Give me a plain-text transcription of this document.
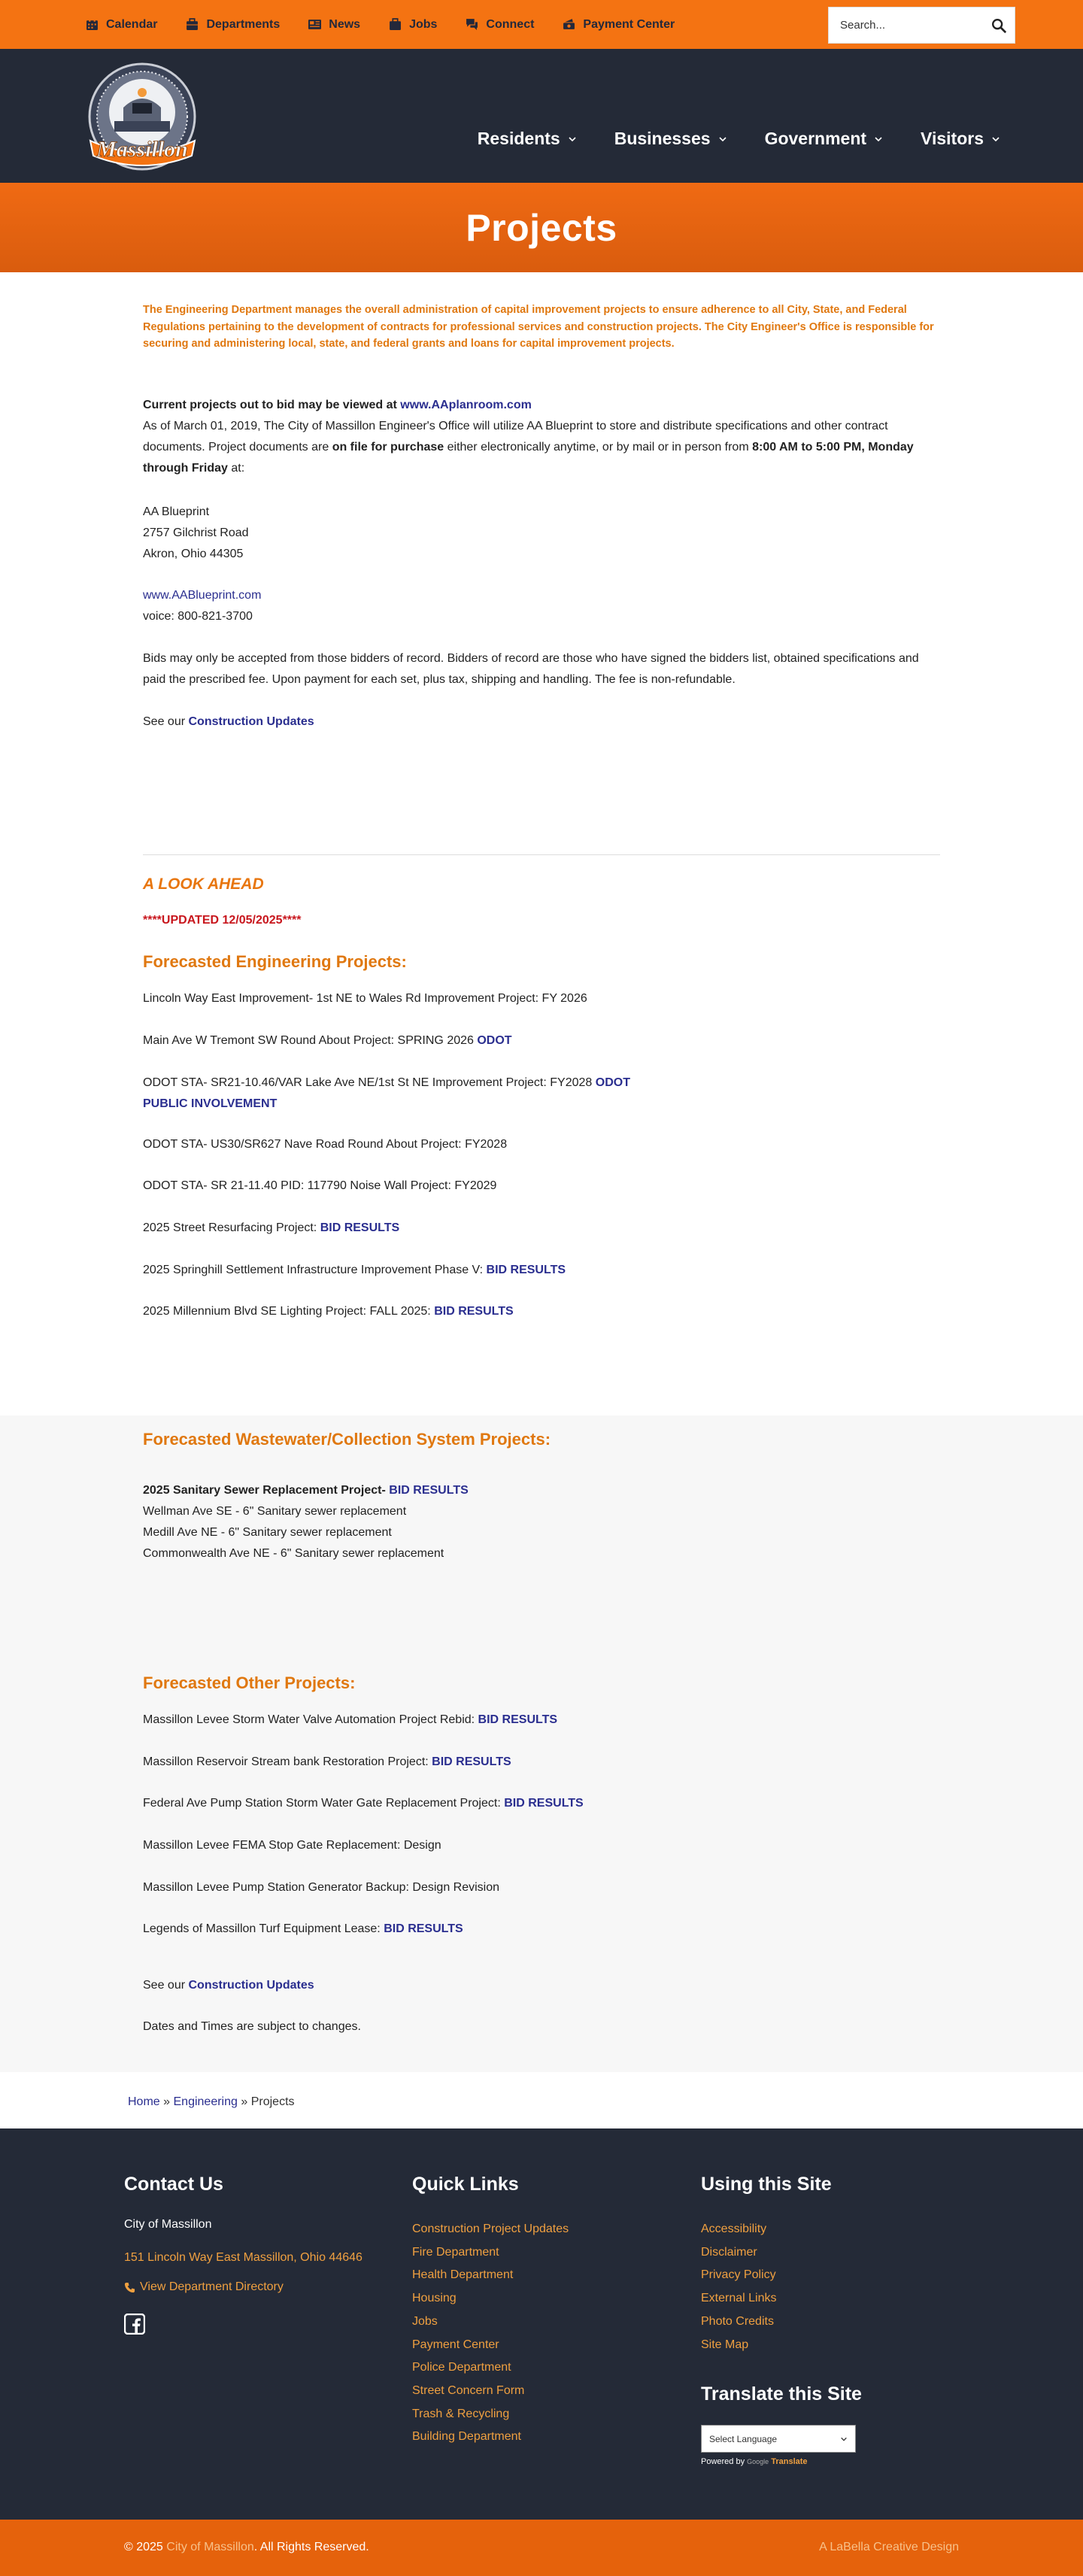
Calendar	Departments	News	Jobs	Connect	Payment Center
Search...
Massillon	Residents	Businesses	Government	Visitors
Projects
The Engineering Department manages the overall administration of capital improvement projects to ensure adherence to all City, State, and Federal Regulations pertaining to the development of contracts for professional services and construction projects. The City Engineer's Office is responsible for securing and administering local, state, and federal grants and loans for capital improvement projects.
Current projects out to bid may be viewed at www.AAplanroom.com
As of March 01, 2019, The City of Massillon Engineer's Office will utilize AA Blueprint to store and distribute specifications and other contract documents. Project documents are on file for purchase either electronically anytime, or by mail or in person from 8:00 AM to 5:00 PM, Monday through Friday at:
AA Blueprint
2757 Gilchrist Road
Akron, Ohio 44305
www.AABlueprint.com
voice: 800-821-3700
Bids may only be accepted from those bidders of record. Bidders of record are those who have signed the bidders list, obtained specifications and paid the prescribed fee. Upon payment for each set, plus tax, shipping and handling. The fee is non-refundable.
See our Construction Updates
A LOOK AHEAD
****UPDATED 12/05/2025****
Forecasted Engineering Projects:
Lincoln Way East Improvement- 1st NE to Wales Rd Improvement Project: FY 2026
Main Ave W Tremont SW Round About Project: SPRING 2026 ODOT
ODOT STA- SR21-10.46/VAR Lake Ave NE/1st St NE Improvement Project: FY2028 ODOT
PUBLIC INVOLVEMENT
ODOT STA- US30/SR627 Nave Road Round About Project: FY2028
ODOT STA- SR 21-11.40 PID: 117790 Noise Wall Project: FY2029
2025 Street Resurfacing Project: BID RESULTS
2025 Springhill Settlement Infrastructure Improvement Phase V: BID RESULTS
2025 Millennium Blvd SE Lighting Project: FALL 2025: BID RESULTS
Forecasted Wastewater/Collection System Projects:
2025 Sanitary Sewer Replacement Project- BID RESULTS
Wellman Ave SE - 6" Sanitary sewer replacement
Medill Ave NE - 6" Sanitary sewer replacement
Commonwealth Ave NE - 6" Sanitary sewer replacement
Forecasted Other Projects:
Massillon Levee Storm Water Valve Automation Project Rebid: BID RESULTS
Massillon Reservoir Stream bank Restoration Project: BID RESULTS
Federal Ave Pump Station Storm Water Gate Replacement Project: BID RESULTS
Massillon Levee FEMA Stop Gate Replacement: Design
Massillon Levee Pump Station Generator Backup: Design Revision
Legends of Massillon Turf Equipment Lease: BID RESULTS
See our Construction Updates
Dates and Times are subject to changes.
Home » Engineering » Projects
Contact Us
City of Massillon
151 Lincoln Way East Massillon, Ohio 44646
View Department Directory
Quick Links
Construction Project Updates
Fire Department
Health Department
Housing
Jobs
Payment Center
Police Department
Street Concern Form
Trash & Recycling
Building Department
Using this Site
Accessibility
Disclaimer
Privacy Policy
External Links
Photo Credits
Site Map
Translate this Site
Select Language
Powered by Google Translate
© 2025 City of Massillon. All Rights Reserved.	A LaBella Creative Design
